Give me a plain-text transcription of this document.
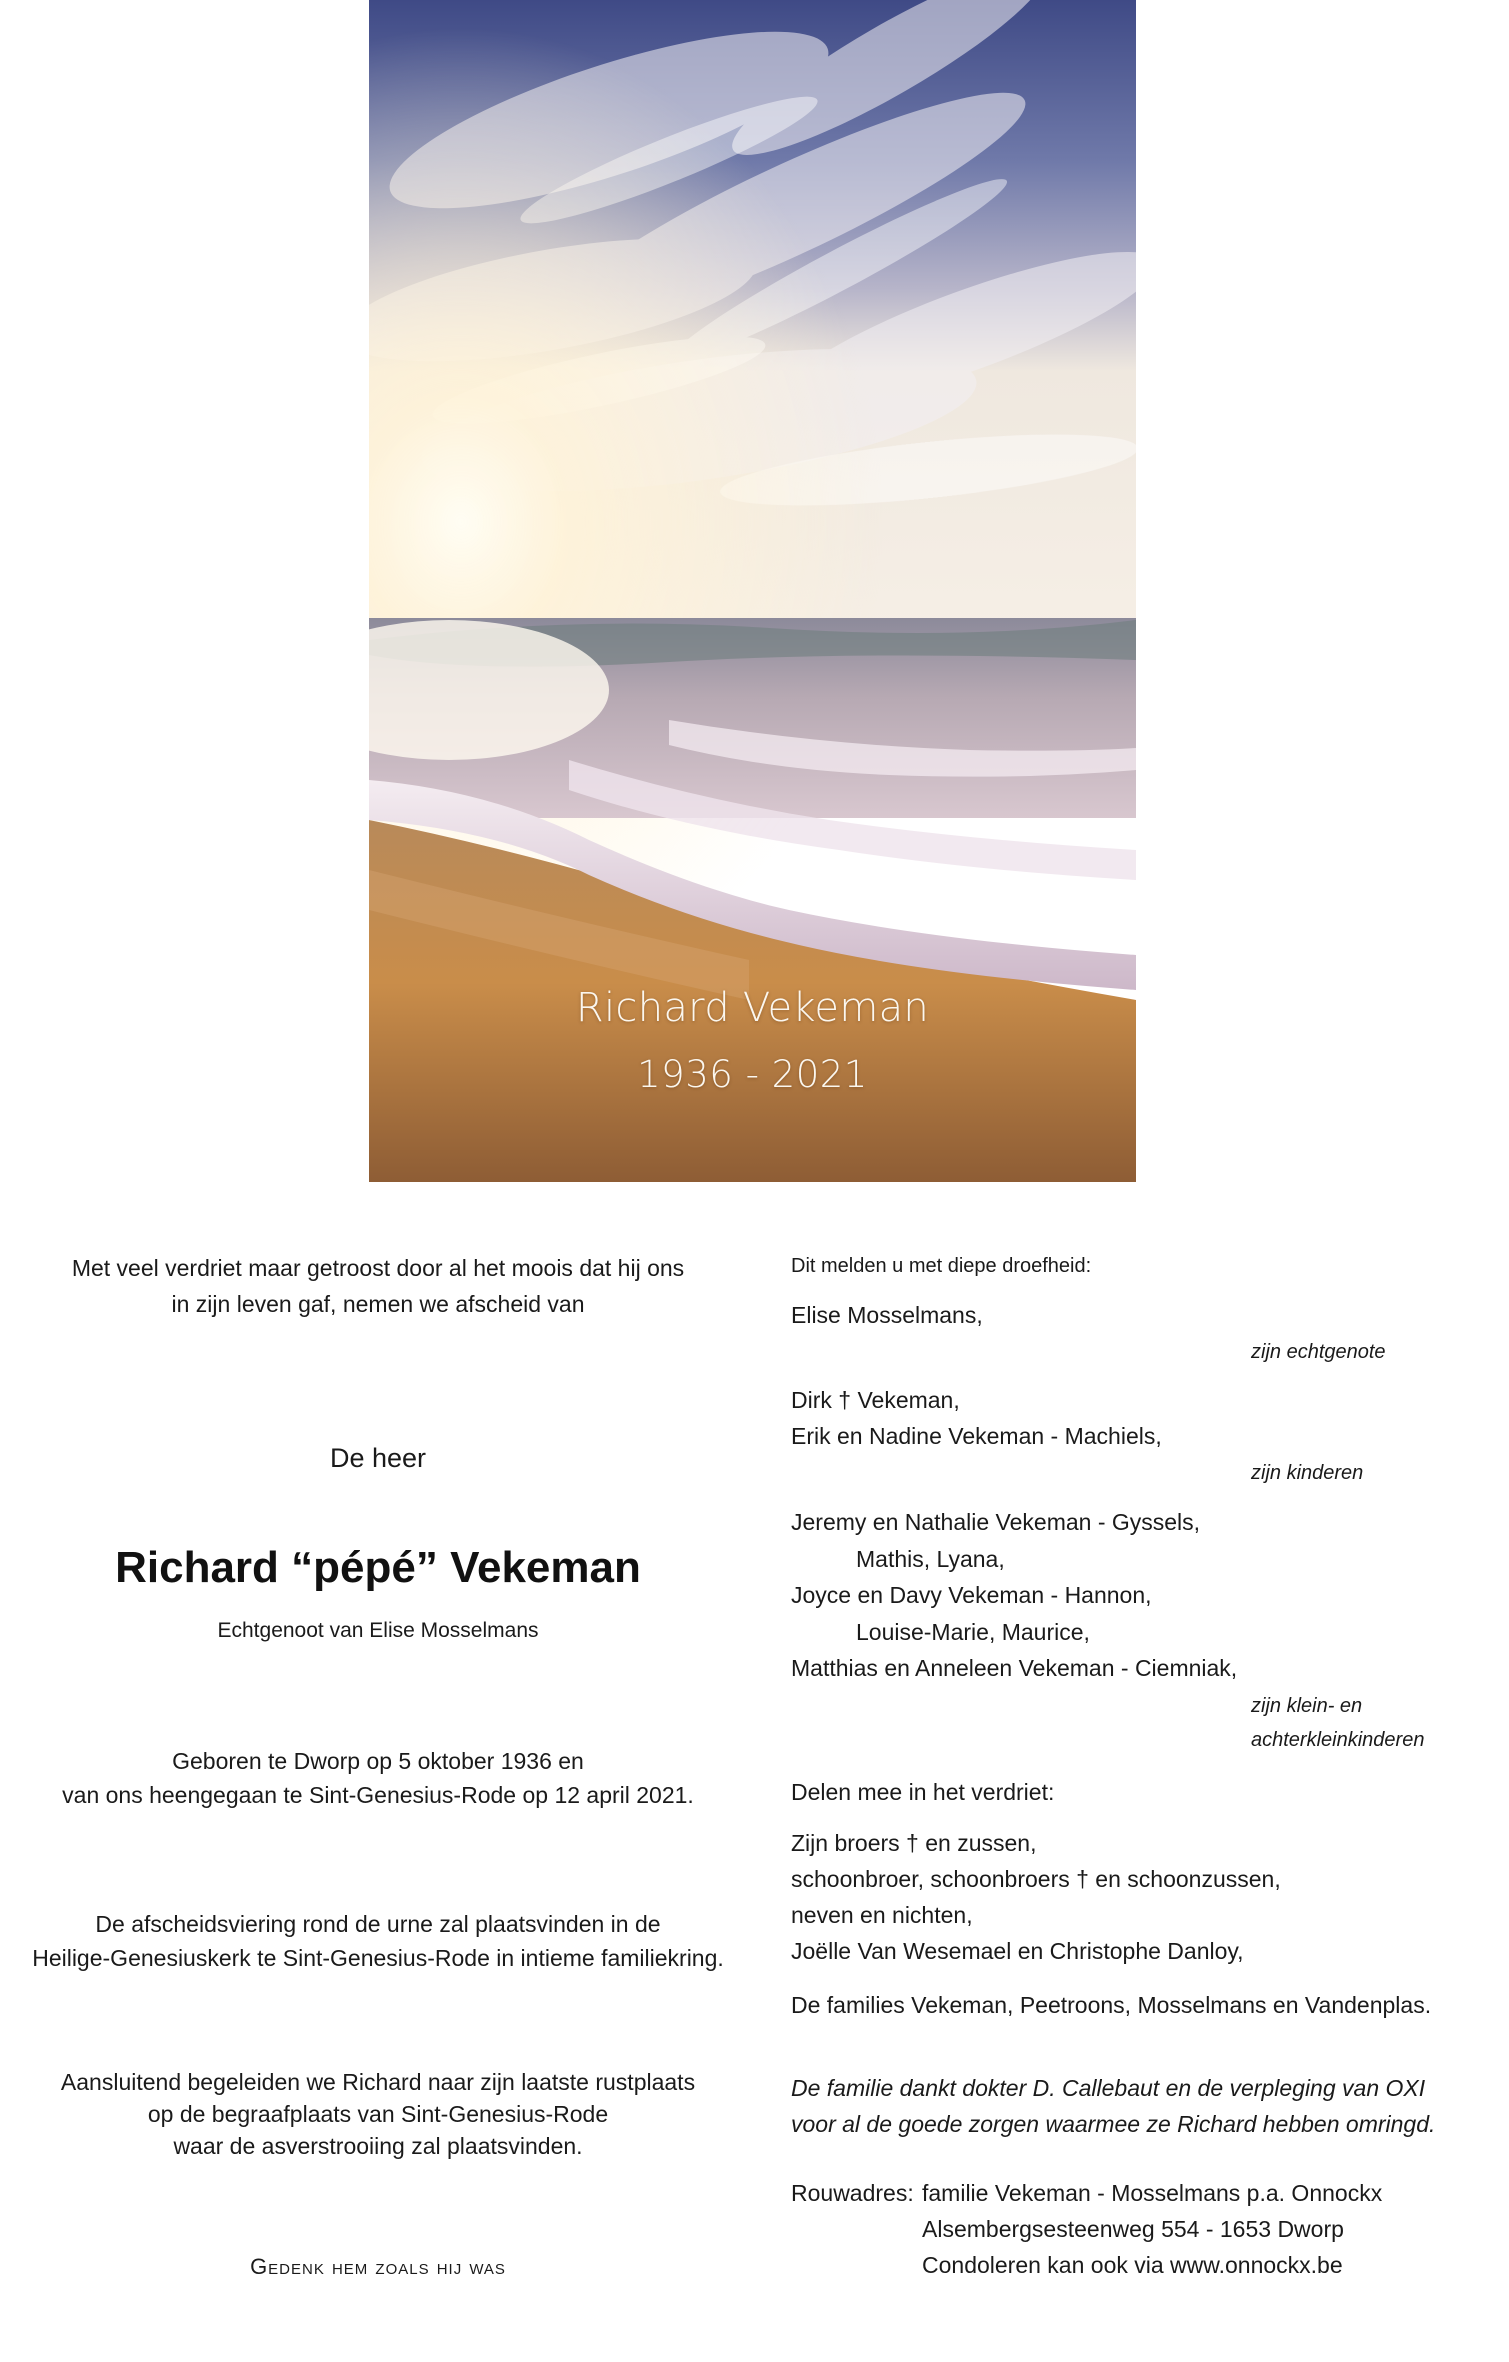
Richard Vekeman
1936 - 2021
Met veel verdriet maar getroost door al het moois dat hij ons
in zijn leven gaf, nemen we afscheid van
De heer
Richard “pépé” Vekeman
Echtgenoot van Elise Mosselmans
Geboren te Dworp op 5 oktober 1936 en
van ons heengegaan te Sint-Genesius-Rode op 12 april 2021.
De afscheidsviering rond de urne zal plaatsvinden in de
Heilige-Genesiuskerk te Sint-Genesius-Rode in intieme familiekring.
Aansluitend begeleiden we Richard naar zijn laatste rustplaats
op de begraafplaats van Sint-Genesius-Rode
waar de asverstrooiing zal plaatsvinden.
Gedenk hem zoals hij was
Dit melden u met diepe droefheid:
Elise Mosselmans,
zijn echtgenote
Dirk † Vekeman,
Erik en Nadine Vekeman - Machiels,
zijn kinderen
Jeremy en Nathalie Vekeman - Gyssels,
Mathis, Lyana,
Joyce en Davy Vekeman - Hannon,
Louise-Marie, Maurice,
Matthias en Anneleen Vekeman - Ciemniak,
zijn klein- en
achterkleinkinderen
Delen mee in het verdriet:
Zijn broers † en zussen,
schoonbroer, schoonbroers † en schoonzussen,
neven en nichten,
Joëlle Van Wesemael en Christophe Danloy,
De families Vekeman, Peetroons, Mosselmans en Vandenplas.
De familie dankt dokter D. Callebaut en de verpleging van OXI
voor al de goede zorgen waarmee ze Richard hebben omringd.
Rouwadres: familie Vekeman - Mosselmans p.a. Onnockx
Alsembergsesteenweg 554 - 1653 Dworp
Condoleren kan ook via www.onnockx.be
